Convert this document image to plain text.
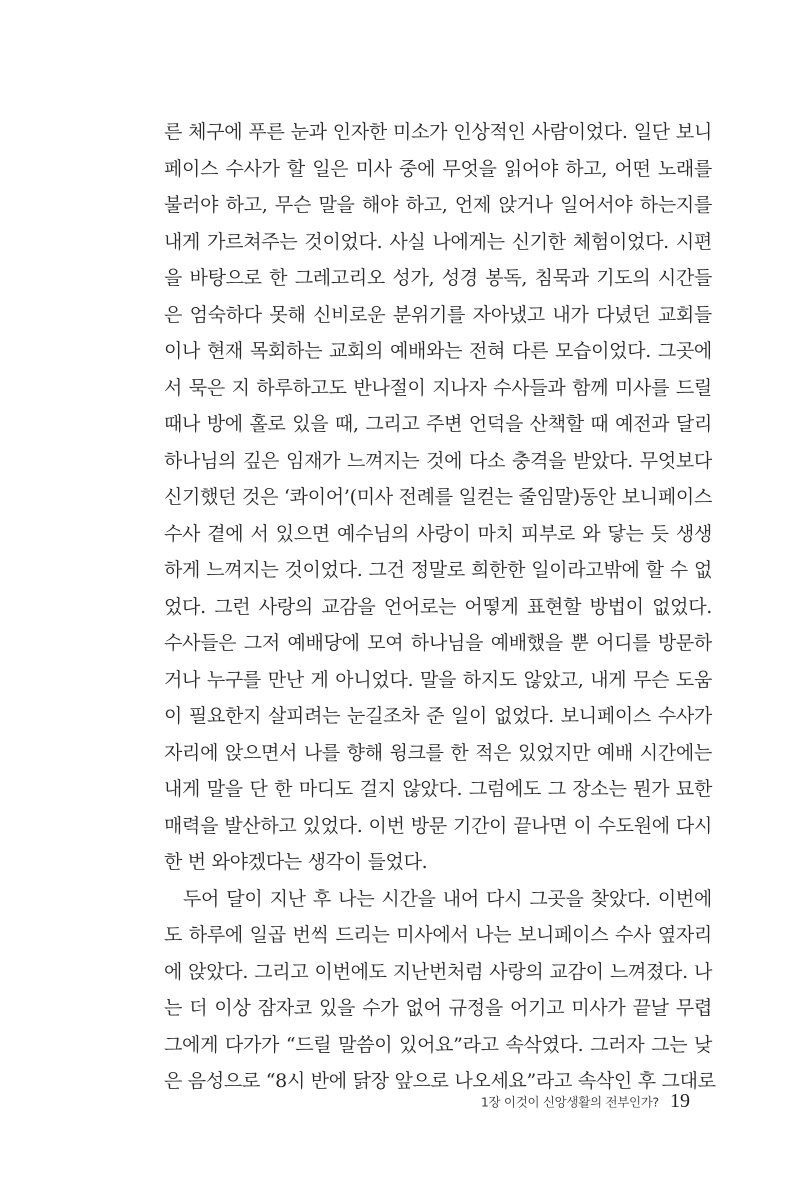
른 체구에 푸른 눈과 인자한 미소가 인상적인 사람이었다. 일단 보니
페이스 수사가 할 일은 미사 중에 무엇을 읽어야 하고, 어떤 노래를
불러야 하고, 무슨 말을 해야 하고, 언제 앉거나 일어서야 하는지를
내게 가르쳐주는 것이었다. 사실 나에게는 신기한 체험이었다. 시편
을 바탕으로 한 그레고리오 성가, 성경 봉독, 침묵과 기도의 시간들
은 엄숙하다 못해 신비로운 분위기를 자아냈고 내가 다녔던 교회들
이나 현재 목회하는 교회의 예배와는 전혀 다른 모습이었다. 그곳에
서 묵은 지 하루하고도 반나절이 지나자 수사들과 함께 미사를 드릴
때나 방에 홀로 있을 때, 그리고 주변 언덕을 산책할 때 예전과 달리
하나님의 깊은 임재가 느껴지는 것에 다소 충격을 받았다. 무엇보다
신기했던 것은 ‘콰이어’(미사 전례를 일컫는 줄임말)동안 보니페이스
수사 곁에 서 있으면 예수님의 사랑이 마치 피부로 와 닿는 듯 생생
하게 느껴지는 것이었다. 그건 정말로 희한한 일이라고밖에 할 수 없
었다. 그런 사랑의 교감을 언어로는 어떻게 표현할 방법이 없었다.
수사들은 그저 예배당에 모여 하나님을 예배했을 뿐 어디를 방문하
거나 누구를 만난 게 아니었다. 말을 하지도 않았고, 내게 무슨 도움
이 필요한지 살피려는 눈길조차 준 일이 없었다. 보니페이스 수사가
자리에 앉으면서 나를 향해 윙크를 한 적은 있었지만 예배 시간에는
내게 말을 단 한 마디도 걸지 않았다. 그럼에도 그 장소는 뭔가 묘한
매력을 발산하고 있었다. 이번 방문 기간이 끝나면 이 수도원에 다시
한 번 와야겠다는 생각이 들었다.
두어 달이 지난 후 나는 시간을 내어 다시 그곳을 찾았다. 이번에
도 하루에 일곱 번씩 드리는 미사에서 나는 보니페이스 수사 옆자리
에 앉았다. 그리고 이번에도 지난번처럼 사랑의 교감이 느껴졌다. 나
는 더 이상 잠자코 있을 수가 없어 규정을 어기고 미사가 끝날 무렵
그에게 다가가 “드릴 말씀이 있어요”라고 속삭였다. 그러자 그는 낮
은 음성으로 “8시 반에 닭장 앞으로 나오세요”라고 속삭인 후 그대로
1장 이것이 신앙생활의 전부인가? 19
